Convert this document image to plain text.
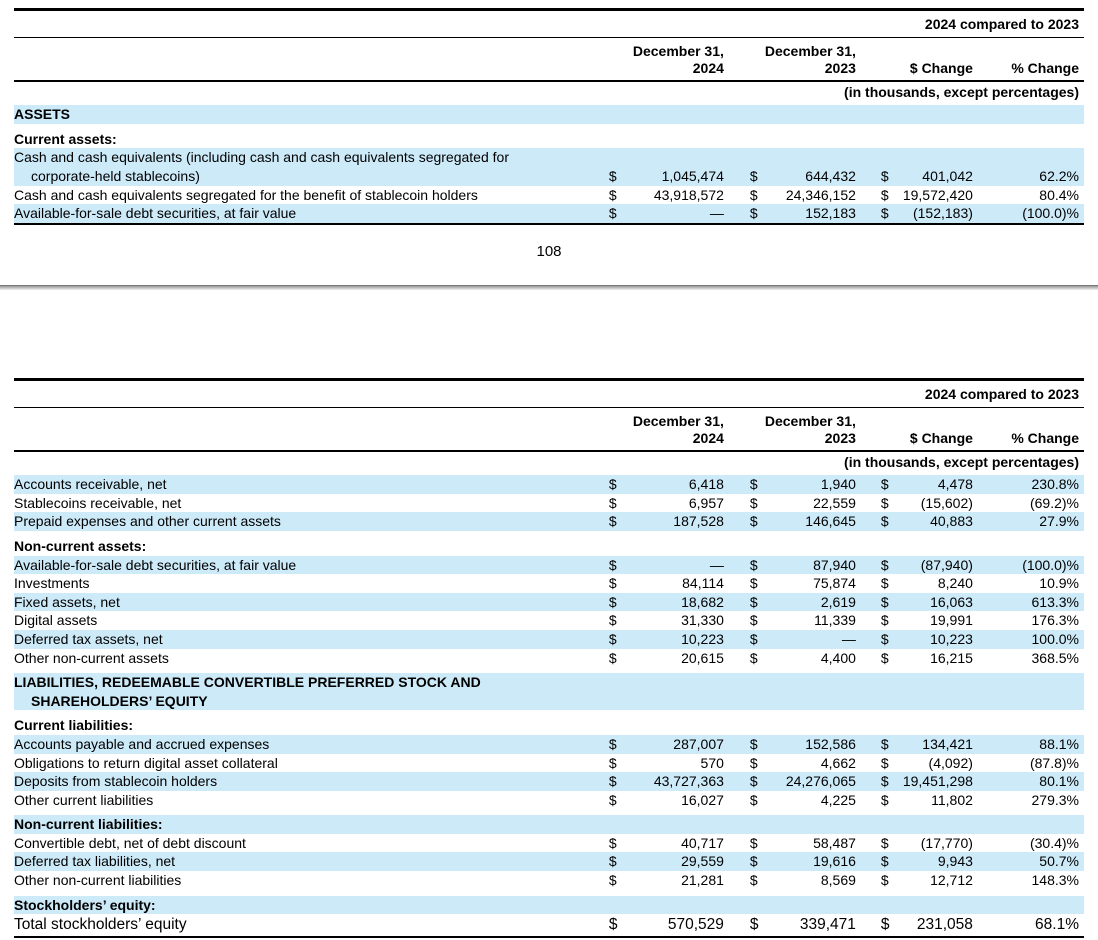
2024 compared to 2023							
	December 31,
2024		December 31,
2023		$ Change		% Change
(in thousands, except percentages)							
ASSETS							

Current assets:							
Cash and cash equivalents (including cash and cash equivalents segregated for
corporate-held stablecoins)	$	1,045,474	$	644,432	$	401,042	62.2%
Cash and cash equivalents segregated for the benefit of stablecoin holders	$	43,918,572	$	24,346,152	$	19,572,420	80.4%
Available-for-sale debt securities, at fair value	$	—	$	152,183	$	(152,183)	(100.0)%
108
2024 compared to 2023							
	December 31,
2024		December 31,
2023		$ Change		% Change
(in thousands, except percentages)							
Accounts receivable, net	$	6,418	$	1,940	$	4,478	230.8%
Stablecoins receivable, net	$	6,957	$	22,559	$	(15,602)	(69.2)%
Prepaid expenses and other current assets	$	187,528	$	146,645	$	40,883	27.9%

Non-current assets:							
Available-for-sale debt securities, at fair value	$	—	$	87,940	$	(87,940)	(100.0)%
Investments	$	84,114	$	75,874	$	8,240	10.9%
Fixed assets, net	$	18,682	$	2,619	$	16,063	613.3%
Digital assets	$	31,330	$	11,339	$	19,991	176.3%
Deferred tax assets, net	$	10,223	$	—	$	10,223	100.0%
Other non-current assets	$	20,615	$	4,400	$	16,215	368.5%

LIABILITIES, REDEEMABLE CONVERTIBLE PREFERRED STOCK AND
SHAREHOLDERS’ EQUITY							

Current liabilities:							
Accounts payable and accrued expenses	$	287,007	$	152,586	$	134,421	88.1%
Obligations to return digital asset collateral	$	570	$	4,662	$	(4,092)	(87.8)%
Deposits from stablecoin holders	$	43,727,363	$	24,276,065	$	19,451,298	80.1%
Other current liabilities	$	16,027	$	4,225	$	11,802	279.3%

Non-current liabilities:							
Convertible debt, net of debt discount	$	40,717	$	58,487	$	(17,770)	(30.4)%
Deferred tax liabilities, net	$	29,559	$	19,616	$	9,943	50.7%
Other non-current liabilities	$	21,281	$	8,569	$	12,712	148.3%

Stockholders’ equity:							
Total stockholders’ equity	$	570,529	$	339,471	$	231,058	68.1%
